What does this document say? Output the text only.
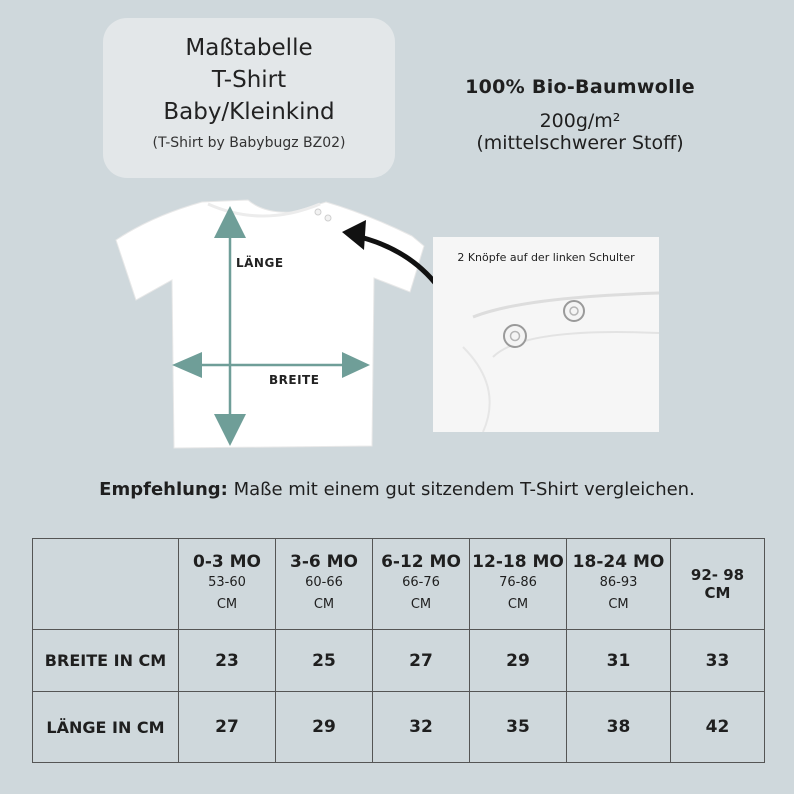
Maßtabelle
T-Shirt
Baby/Kleinkind
(T-Shirt by Babybugz BZ02)
100% Bio-Baumwolle
200g/m²
(mittelschwerer Stoff)
LÄNGE
BREITE
2 Knöpfe auf der linken Schulter
Empfehlung: Maße mit einem gut sitzendem T-Shirt vergleichen.

	0-3 MO
53-60
CM	3-6 MO
60-66
CM	6-12 MO
66-76
CM	12-18 MO
76-86
CM	18-24 MO
86-93
CM	92- 98
CM

BREITE IN CM	23	25	27	29	31	33
LÄNGE IN CM	27	29	32	35	38	42
